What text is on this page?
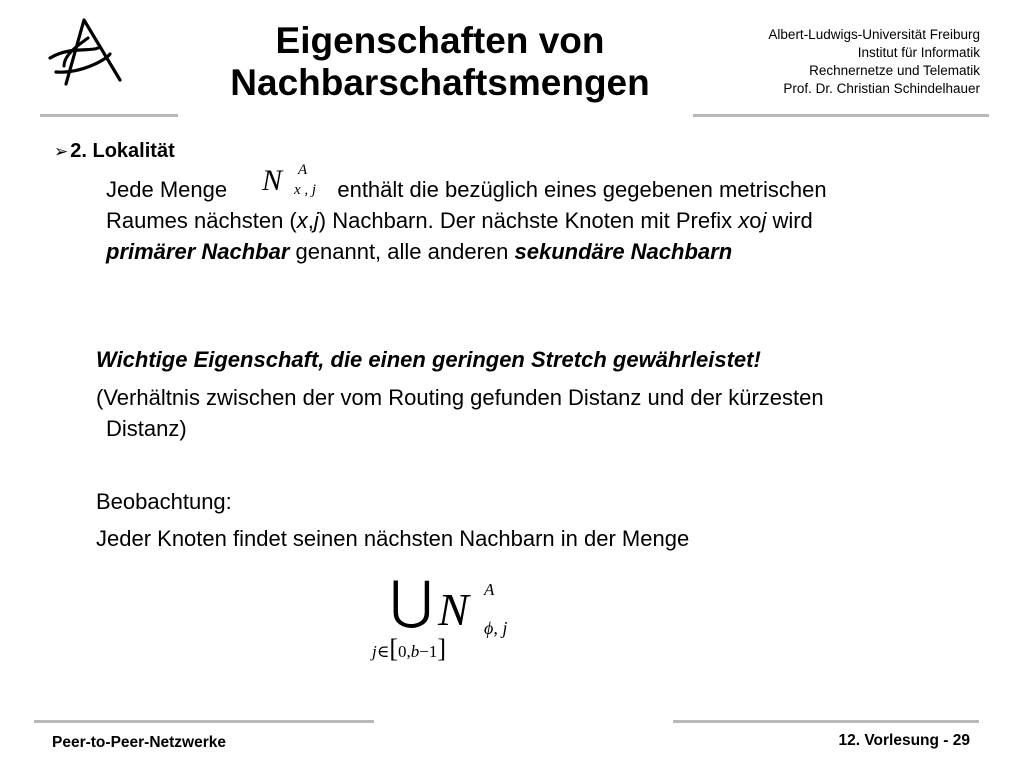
Eigenschaften von
Nachbarschaftsmengen
Albert-Ludwigs-Universität Freiburg
Institut für Informatik
Rechnernetze und Telematik
Prof. Dr. Christian Schindelhauer
➢ 2. Lokalität
Jede Menge	enthält die bezüglich eines gegebenen metrischen
N A
x , j
Raumes nächsten (x,j) Nachbarn. Der nächste Knoten mit Prefix xoj wird
primärer Nachbar genannt, alle anderen sekundäre Nachbarn
Wichtige Eigenschaft, die einen geringen Stretch gewährleistet!
(Verhältnis zwischen der vom Routing gefunden Distanz und der kürzesten
Distanz)
Beobachtung:
Jeder Knoten findet seinen nächsten Nachbarn in der Menge
⋃ N A
ϕ, j
j∈[0,b−1]
Peer-to-Peer-Netzwerke	12. Vorlesung - 29
